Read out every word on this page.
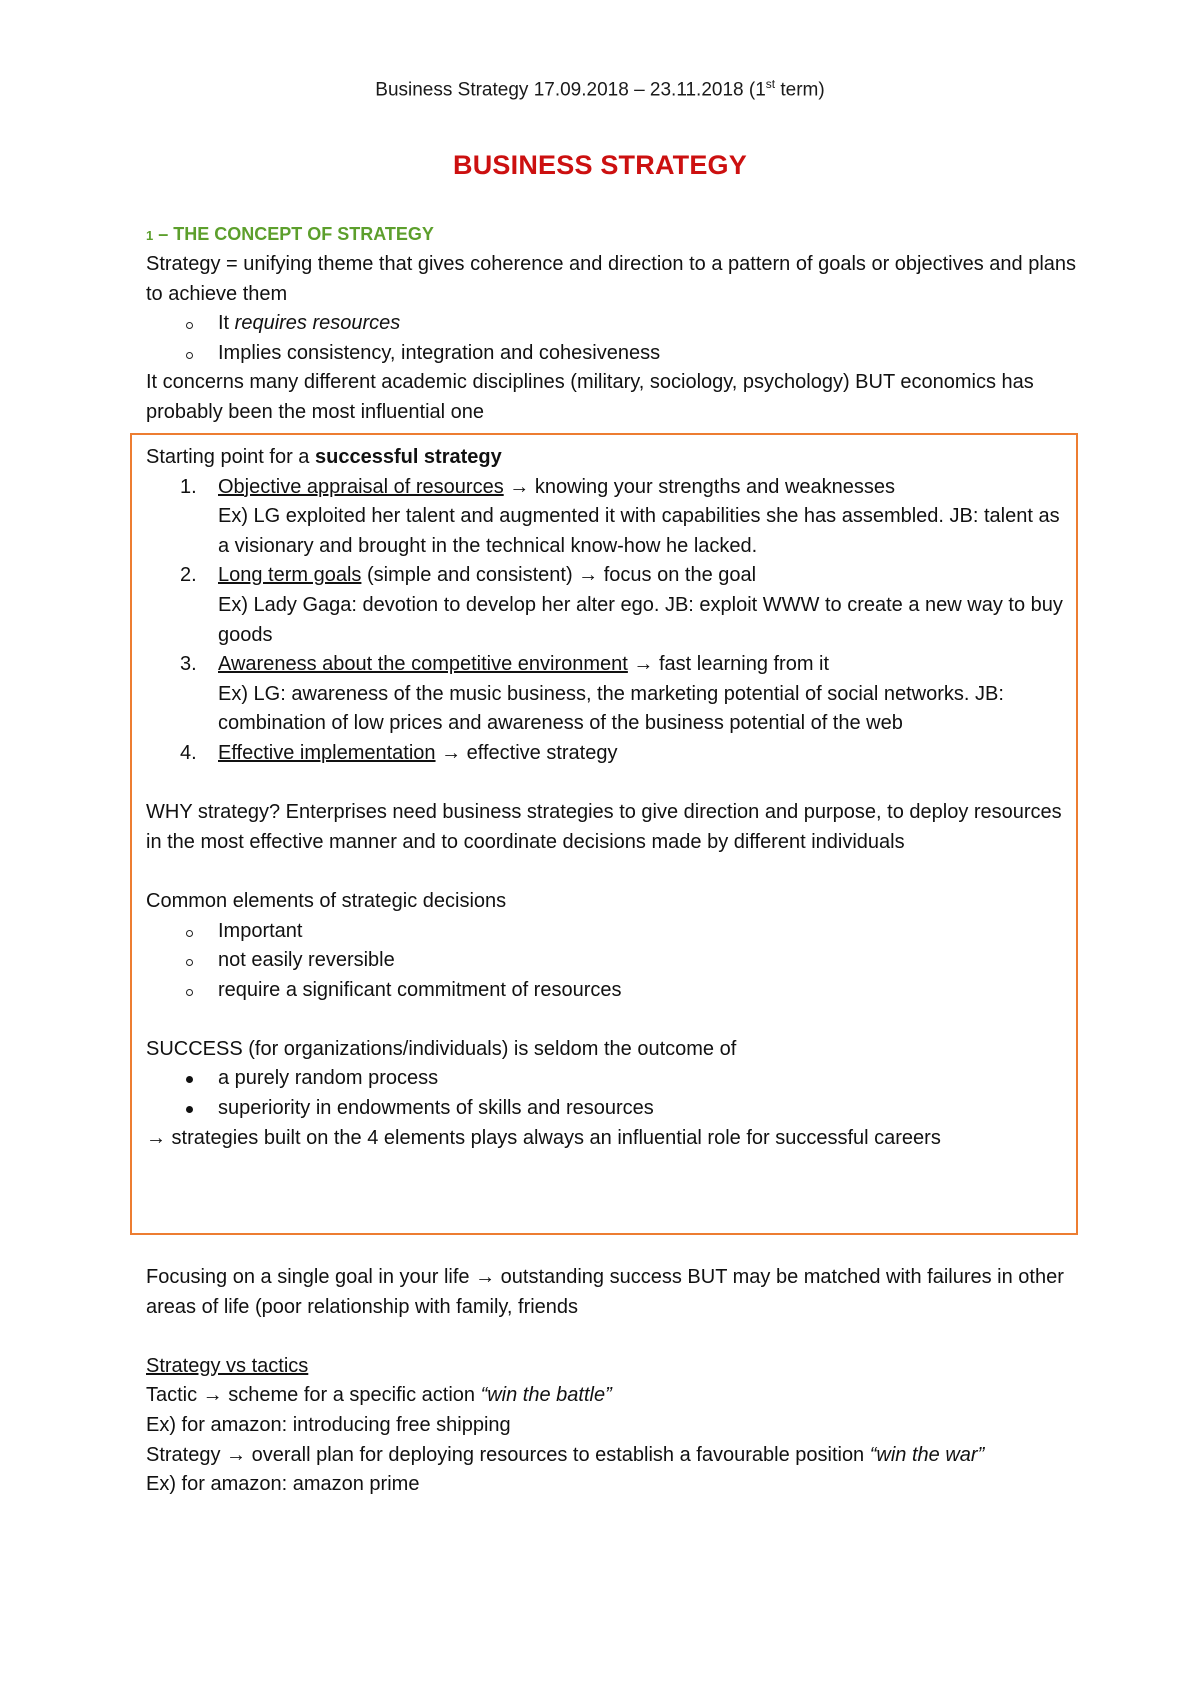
Business Strategy 17.09.2018 – 23.11.2018 (1st term)
BUSINESS STRATEGY
1 – THE CONCEPT OF STRATEGY

Strategy = unifying theme that gives coherence and direction to a pattern of goals or objectives and plans to achieve them

It requires resources
Implies consistency, integration and cohesiveness

It concerns many different academic disciplines (military, sociology, psychology) BUT economics has probably been the most influential one

Starting point for a successful strategy

1. Objective appraisal of resources → knowing your strengths and weaknesses
Ex) LG exploited her talent and augmented it with capabilities she has assembled. JB: talent as a visionary and brought in the technical know-how he lacked.
2. Long term goals (simple and consistent) → focus on the goal
Ex) Lady Gaga: devotion to develop her alter ego. JB: exploit WWW to create a new way to buy goods
3. Awareness about the competitive environment → fast learning from it
Ex) LG: awareness of the music business, the marketing potential of social networks. JB: combination of low prices and awareness of the business potential of the web
4. Effective implementation → effective strategy

WHY strategy? Enterprises need business strategies to give direction and purpose, to deploy resources in the most effective manner and to coordinate decisions made by different individuals

Common elements of strategic decisions

Important
not easily reversible
require a significant commitment of resources

SUCCESS (for organizations/individuals) is seldom the outcome of

a purely random process
superiority in endowments of skills and resources

→ strategies built on the 4 elements plays always an influential role for successful careers

Focusing on a single goal in your life → outstanding success BUT may be matched with failures in other areas of life (poor relationship with family, friends

Strategy vs tactics

Tactic → scheme for a specific action “win the battle”

Ex) for amazon: introducing free shipping

Strategy → overall plan for deploying resources to establish a favourable position “win the war”

Ex) for amazon: amazon prime
